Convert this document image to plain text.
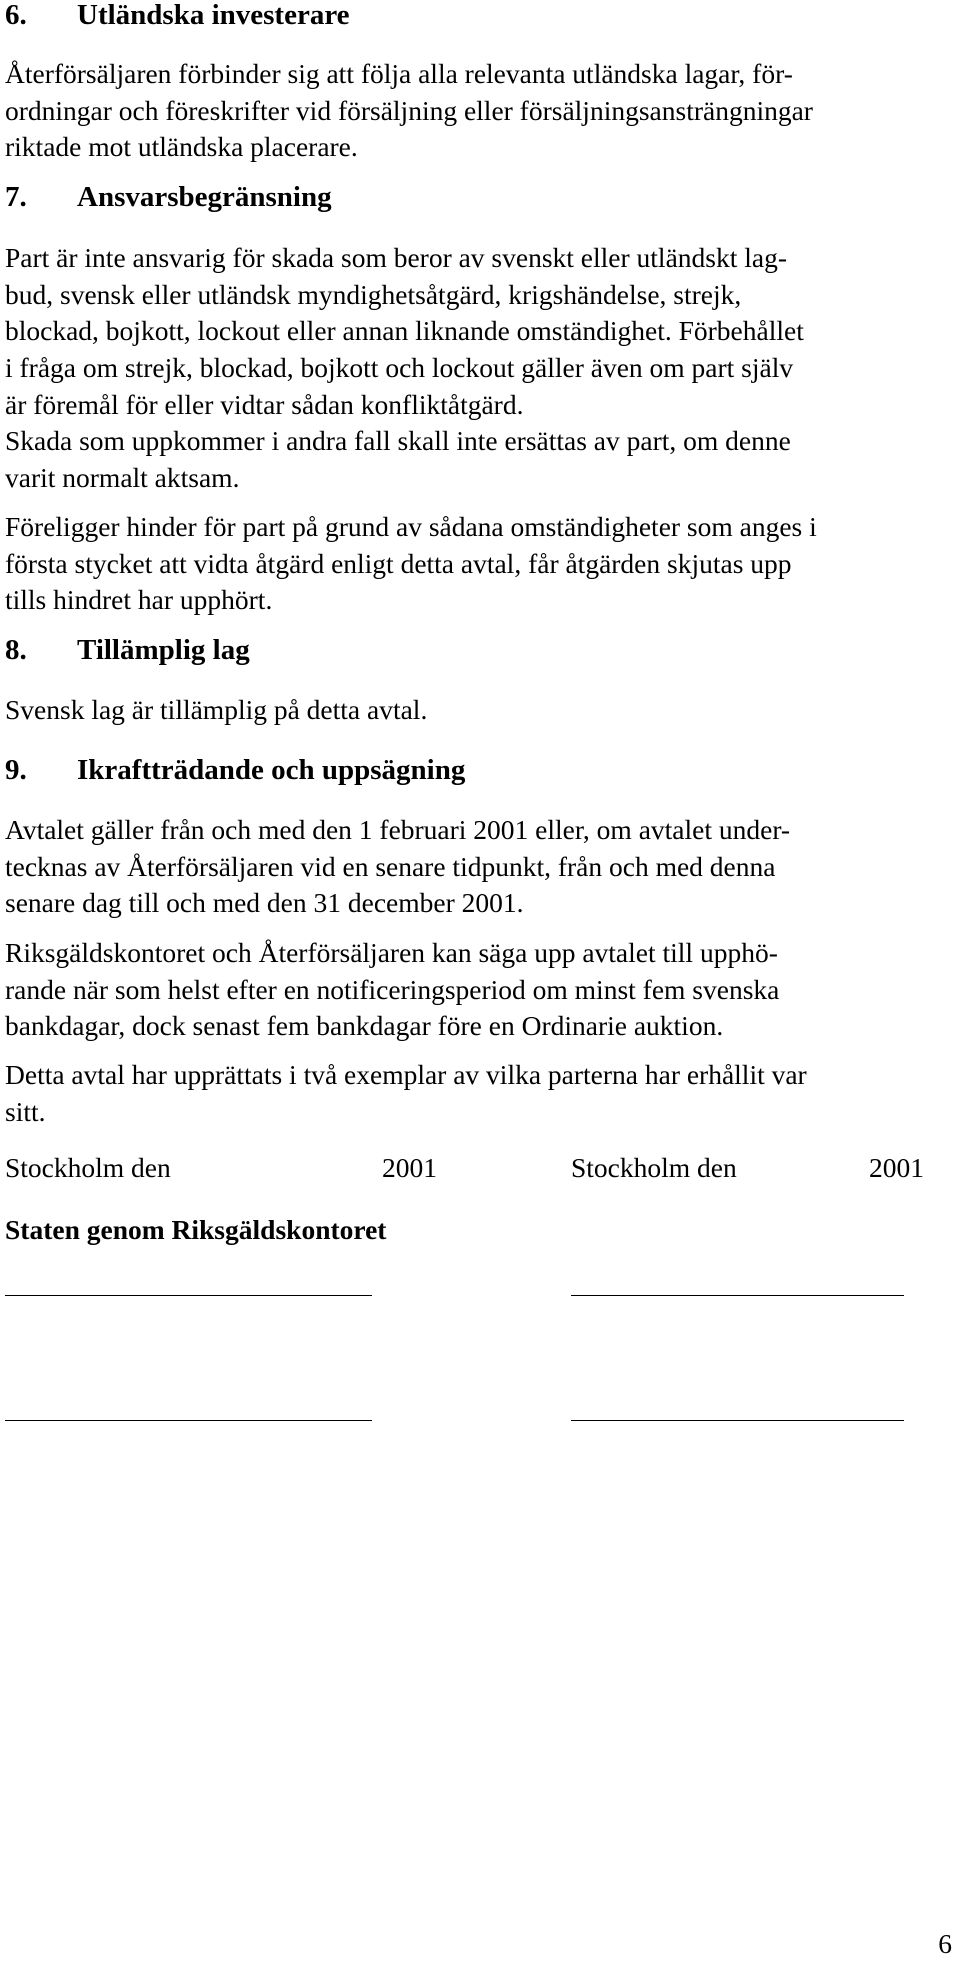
6. Utländska investerare

Återförsäljaren förbinder sig att följa alla relevanta utländska lagar, för-
ordningar och föreskrifter vid försäljning eller försäljningsansträngningar
riktade mot utländska placerare.

7. Ansvarsbegränsning

Part är inte ansvarig för skada som beror av svenskt eller utländskt lag-
bud, svensk eller utländsk myndighetsåtgärd, krigshändelse, strejk,
blockad, bojkott, lockout eller annan liknande omständighet. Förbehållet
i fråga om strejk, blockad, bojkott och lockout gäller även om part själv
är föremål för eller vidtar sådan konfliktåtgärd.

Skada som uppkommer i andra fall skall inte ersättas av part, om denne
varit normalt aktsam.

Föreligger hinder för part på grund av sådana omständigheter som anges i
första stycket att vidta åtgärd enligt detta avtal, får åtgärden skjutas upp
tills hindret har upphört.

8. Tillämplig lag

Svensk lag är tillämplig på detta avtal.

9. Ikraftträdande och uppsägning

Avtalet gäller från och med den 1 februari 2001 eller, om avtalet under-
tecknas av Återförsäljaren vid en senare tidpunkt, från och med denna
senare dag till och med den 31 december 2001.

Riksgäldskontoret och Återförsäljaren kan säga upp avtalet till upphö-
rande när som helst efter en notificeringsperiod om minst fem svenska
bankdagar, dock senast fem bankdagar före en Ordinarie auktion.

Detta avtal har upprättats i två exemplar av vilka parterna har erhållit var
sitt.

Stockholm den	2001	Stockholm den	2001
Staten genom Riksgäldskontoret
6
